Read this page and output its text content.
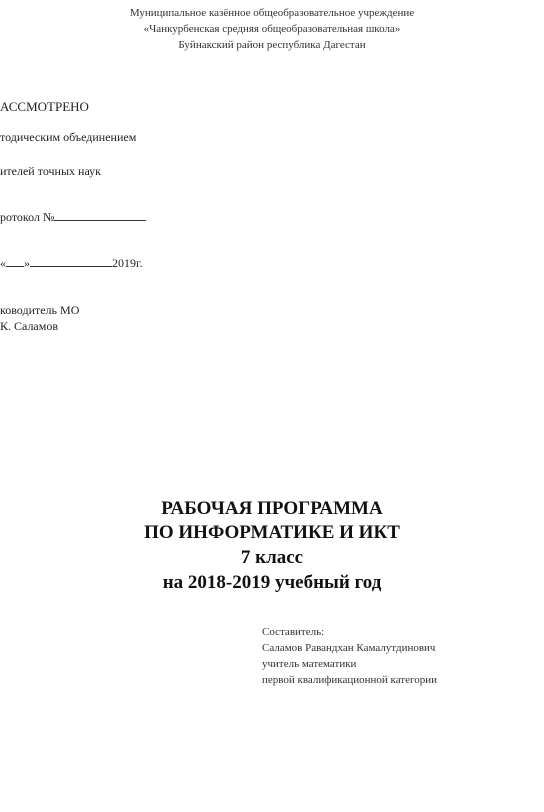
Муниципальное казённое общеобразовательное учреждение
«Чанкурбенская средняя общеобразовательная школа»
Буйнакский район республика Дагестан
АССМОТРЕНО
тодическим объединением
ителей точных наук
ротокол №
« »	2019г.
ководитель МО
К. Саламов
РАБОЧАЯ ПРОГРАММА
ПО ИНФОРМАТИКЕ И ИКТ
7 класс
на 2018-2019 учебный год
Составитель:
Саламов Равандхан Камалутдинович
учитель математики
первой квалификационной категории
